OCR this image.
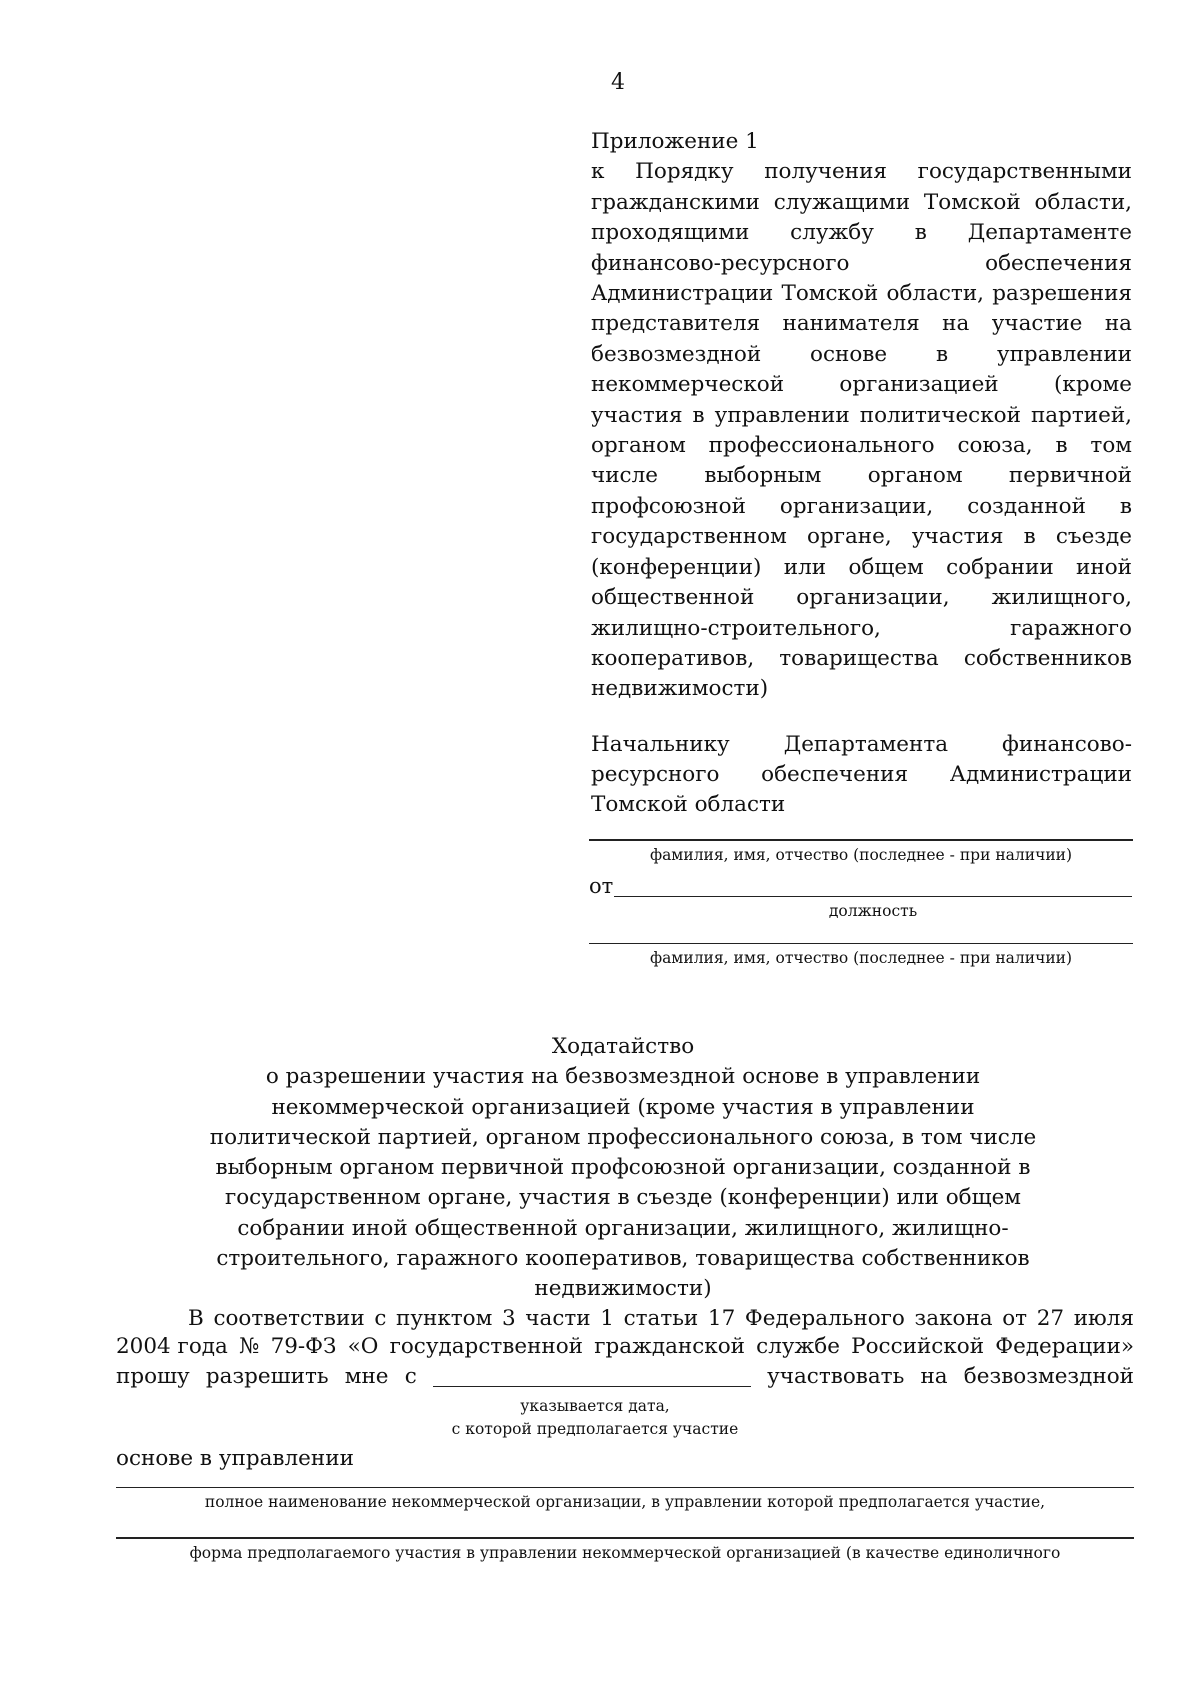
4
Приложение 1
к Порядку получения государственными гражданскими служащими Томской области, проходящими службу в Департаменте финансово-ресурсного обеспечения Администрации Томской области, разрешения представителя нанимателя на участие на безвозмездной основе в управлении некоммерческой организацией (кроме участия в управлении политической партией, органом профессионального союза, в том числе выборным органом первичной профсоюзной организации, созданной в государственном органе, участия в съезде (конференции) или общем собрании иной общественной организации, жилищного, жилищно-строительного, гаражного кооперативов, товарищества собственников недвижимости)
Начальнику Департамента финансово-ресурсного обеспечения Администрации Томской области
фамилия, имя, отчество (последнее - при наличии)
от
должность
фамилия, имя, отчество (последнее - при наличии)
Ходатайство
о разрешении участия на безвозмездной основе в управлении некоммерческой организацией (кроме участия в управлении политической партией, органом профессионального союза, в том числе выборным органом первичной профсоюзной организации, созданной в государственном органе, участия в съезде (конференции) или общем собрании иной общественной организации, жилищного, жилищно-строительного, гаражного кооперативов, товарищества собственников недвижимости)
В соответствии с пунктом 3 части 1 статьи 17 Федерального закона от 27 июля
2004 года № 79-ФЗ «О государственной гражданской службе Российской Федерации»
прошу разрешить мне с	участвовать на безвозмездной
указывается дата,
с которой предполагается участие
основе в управлении
полное наименование некоммерческой организации, в управлении которой предполагается участие,
форма предполагаемого участия в управлении некоммерческой организацией (в качестве единоличного
